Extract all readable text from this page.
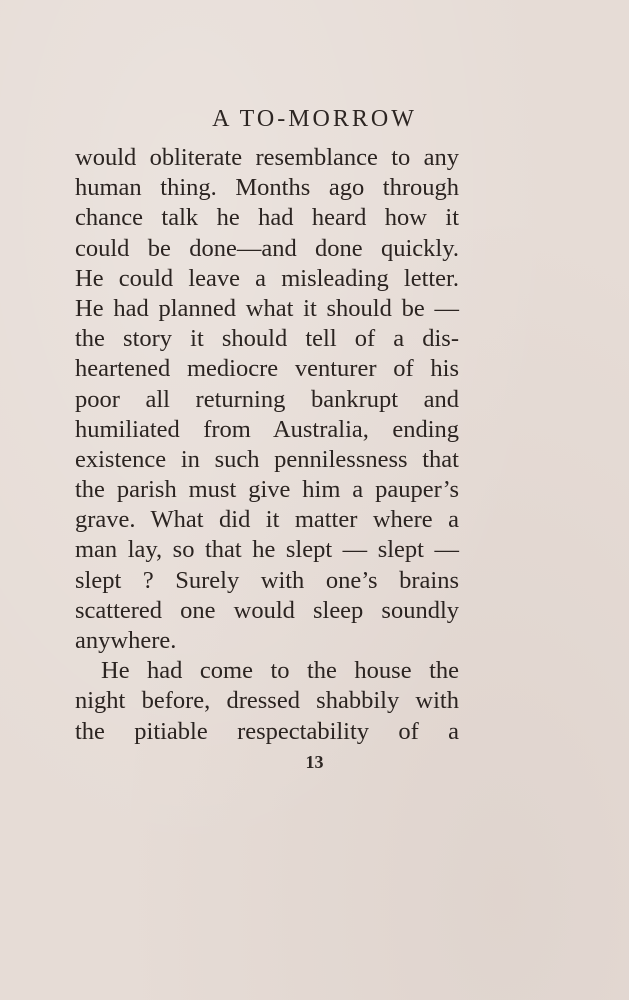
A TO-MORROW
would obliterate resemblance to any
human thing. Months ago through
chance talk he had heard how it
could be done—and done quickly.
He could leave a misleading letter.
He had planned what it should be —
the story it should tell of a dis-
heartened mediocre venturer of his
poor all returning bankrupt and
humiliated from Australia, ending
existence in such pennilessness that
the parish must give him a pauper’s
grave. What did it matter where a
man lay, so that he slept — slept —
slept ? Surely with one’s brains
scattered one would sleep soundly
anywhere.
He had come to the house the
night before, dressed shabbily with
the pitiable respectability of a
13
